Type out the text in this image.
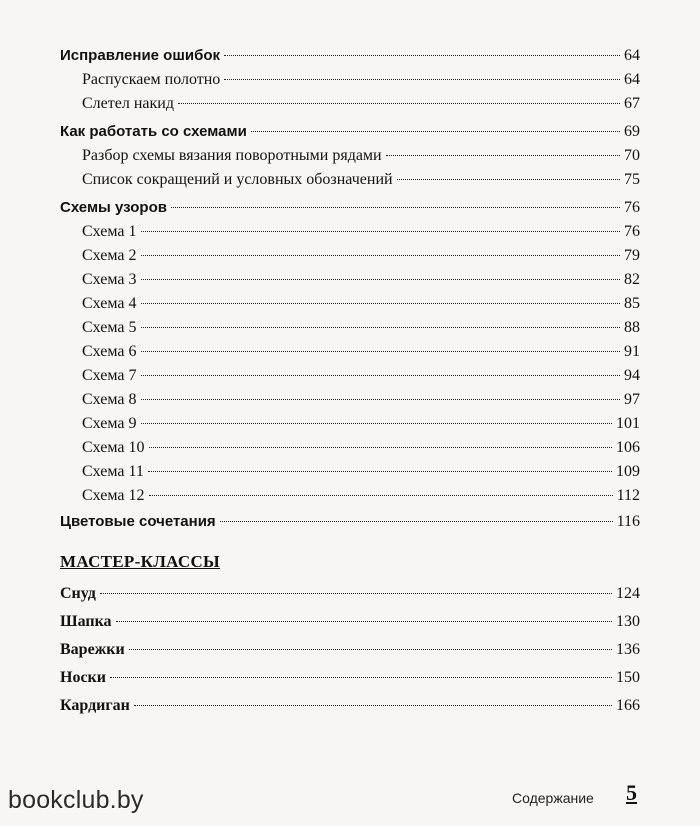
Исправление ошибок	64
Распускаем полотно	64
Слетел накид	67
Как работать со схемами	69
Разбор схемы вязания поворотными рядами	70
Список сокращений и условных обозначений	75
Схемы узоров	76
Схема 1	76
Схема 2	79
Схема 3	82
Схема 4	85
Схема 5	88
Схема 6	91
Схема 7	94
Схема 8	97
Схема 9	101
Схема 10	106
Схема 11	109
Схема 12	112
Цветовые сочетания	116
Снуд	124
Шапка	130
Варежки	136
Носки	150
Кардиган	166
МАСТЕР-КЛАССЫ
bookclub.by	Содержание 5
